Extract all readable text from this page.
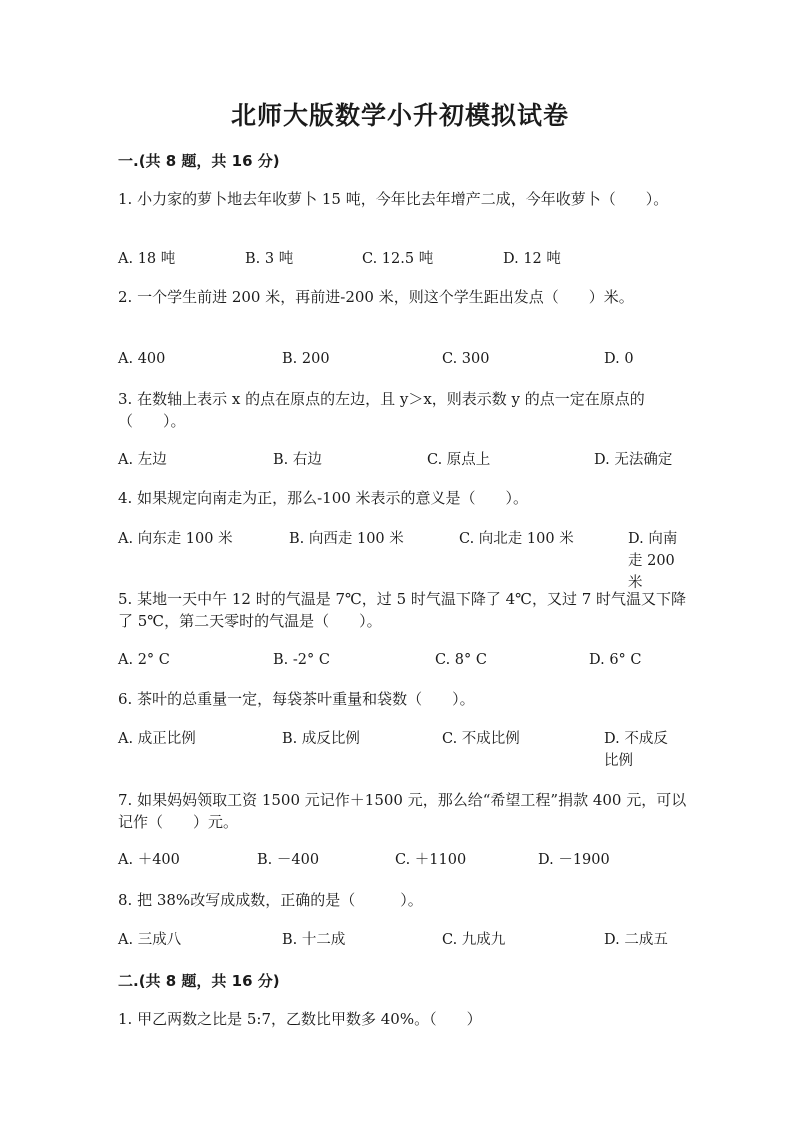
北师大版数学小升初模拟试卷
一.(共 8 题，共 16 分)
1. 小力家的萝卜地去年收萝卜 15 吨，今年比去年增产二成，今年收萝卜（　　）。
A. 18 吨	B. 3 吨	C. 12.5 吨	D. 12 吨
2. 一个学生前进 200 米，再前进-200 米，则这个学生距出发点（　　）米。
A. 400	B. 200	C. 300	D. 0
3. 在数轴上表示 x 的点在原点的左边，且 y＞x，则表示数 y 的点一定在原点的（　　）。
A. 左边	B. 右边	C. 原点上	D. 无法确定
4. 如果规定向南走为正，那么-100 米表示的意义是（　　）。
A. 向东走 100 米	B. 向西走 100 米	C. 向北走 100 米	D. 向南走 200 米
5. 某地一天中午 12 时的气温是 7℃，过 5 时气温下降了 4℃，又过 7 时气温又下降了 5℃，第二天零时的气温是（　　）。
A. 2° C	B. -2° C	C. 8° C	D. 6° C
6. 茶叶的总重量一定，每袋茶叶重量和袋数（　　）。
A. 成正比例	B. 成反比例	C. 不成比例	D. 不成反比例
7. 如果妈妈领取工资 1500 元记作＋1500 元，那么给“希望工程”捐款 400 元，可以记作（　　）元。
A. ＋400	B. －400	C. ＋1100	D. －1900
8. 把 38%改写成成数，正确的是（　　　）。
A. 三成八	B. 十二成	C. 九成九	D. 二成五
二.(共 8 题，共 16 分)
1. 甲乙两数之比是 5:7，乙数比甲数多 40%。（　　）
